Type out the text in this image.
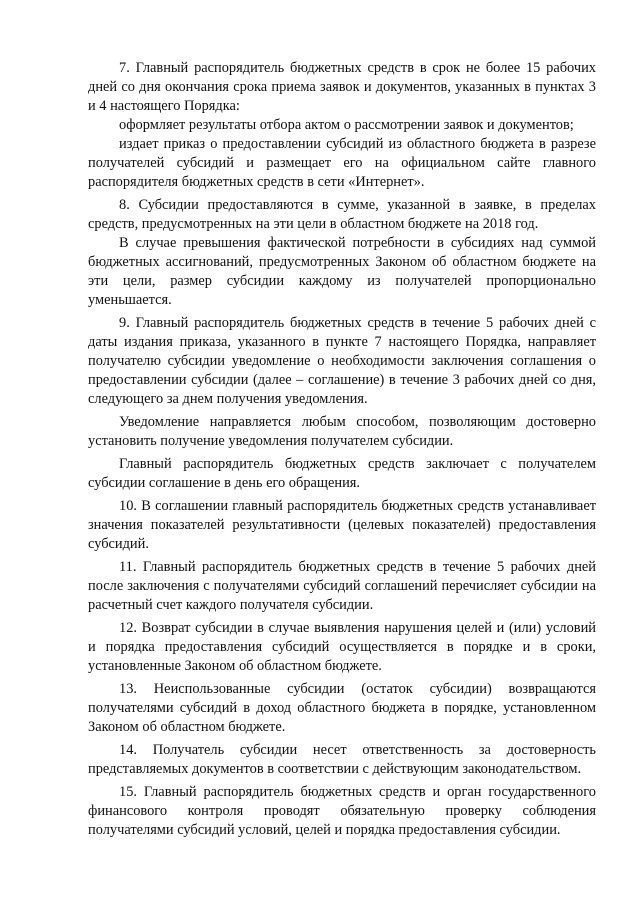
7. Главный распорядитель бюджетных средств в срок не более 15 рабочих дней со дня окончания срока приема заявок и документов, указанных в пунктах 3 и 4 настоящего Порядка:

оформляет результаты отбора актом о рассмотрении заявок и документов;

издает приказ о предоставлении субсидий из областного бюджета в разрезе получателей субсидий и размещает его на официальном сайте главного распорядителя бюджетных средств в сети «Интернет».

8. Субсидии предоставляются в сумме, указанной в заявке, в пределах средств, предусмотренных на эти цели в областном бюджете на 2018 год.

В случае превышения фактической потребности в субсидиях над суммой бюджетных ассигнований, предусмотренных Законом об областном бюджете на эти цели, размер субсидии каждому из получателей пропорционально уменьшается.

9. Главный распорядитель бюджетных средств в течение 5 рабочих дней с даты издания приказа, указанного в пункте 7 настоящего Порядка, направляет получателю субсидии уведомление о необходимости заключения соглашения о предоставлении субсидии (далее – соглашение) в течение 3 рабочих дней со дня, следующего за днем получения уведомления.

Уведомление направляется любым способом, позволяющим достоверно установить получение уведомления получателем субсидии.

Главный распорядитель бюджетных средств заключает с получателем субсидии соглашение в день его обращения.

10. В соглашении главный распорядитель бюджетных средств устанавливает значения показателей результативности (целевых показателей) предоставления субсидий.

11. Главный распорядитель бюджетных средств в течение 5 рабочих дней после заключения с получателями субсидий соглашений перечисляет субсидии на расчетный счет каждого получателя субсидии.

12. Возврат субсидии в случае выявления нарушения целей и (или) условий и порядка предоставления субсидий осуществляется в порядке и в сроки, установленные Законом об областном бюджете.

13. Неиспользованные субсидии (остаток субсидии) возвращаются получателями субсидий в доход областного бюджета в порядке, установленном Законом об областном бюджете.

14. Получатель субсидии несет ответственность за достоверность представляемых документов в соответствии с действующим законодательством.

15. Главный распорядитель бюджетных средств и орган государственного финансового контроля проводят обязательную проверку соблюдения получателями субсидий условий, целей и порядка предоставления субсидии.
